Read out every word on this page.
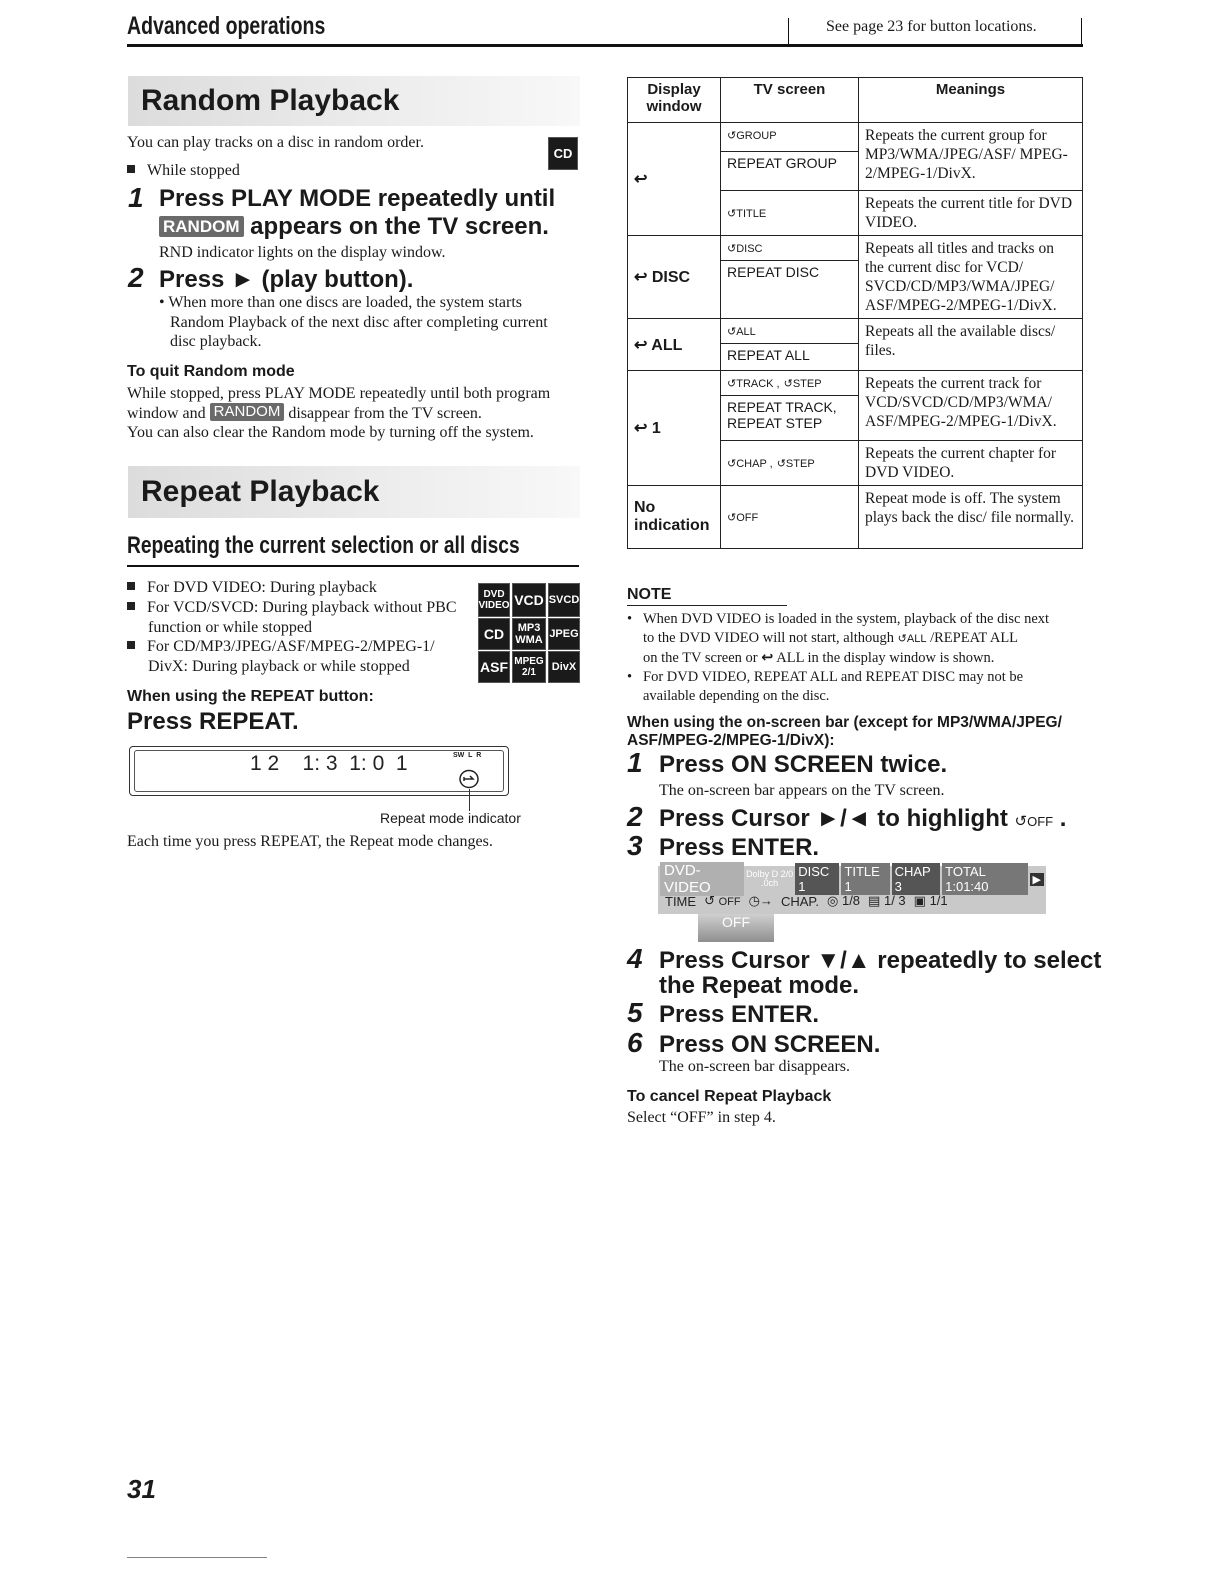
Advanced operations	See page 23 for button locations.
Random Playback
You can play tracks on a disc in random order.
CD
While stopped
1 Press PLAY MODE repeatedly until
RANDOM appears on the TV screen.
RND indicator lights on the display window.
2 Press ► (play button).
• When more than one discs are loaded, the system starts
Random Playback of the next disc after completing current
disc playback.
To quit Random mode
While stopped, press PLAY MODE repeatedly until both program
window and RANDOM disappear from the TV screen.
You can also clear the Random mode by turning off the system.
Repeat Playback
Repeating the current selection or all discs
For DVD VIDEO: During playback
For VCD/SVCD: During playback without PBC
function or while stopped
For CD/MP3/JPEG/ASF/MPEG-2/MPEG-1/
DivX: During playback or while stopped
DVD VIDEO VCD SVCD
CD	MP3 WMA JPEG
ASF MPEG 2/1	DivX
When using the REPEAT button:
Press REPEAT.
1 2    1: 3  1: 0  1	SW  L  R
Repeat mode indicator
Each time you press REPEAT, the Repeat mode changes.
Display window	TV screen	Meanings
↩	↺GROUP	Repeats the current group for MP3/WMA/JPEG/ASF/ MPEG-2/MPEG-1/DivX.
	REPEAT GROUP	
	↺TITLE	Repeats the current title for DVD VIDEO.
↩ DISC	↺DISC	Repeats all titles and tracks on the current disc for VCD/ SVCD/CD/MP3/WMA/JPEG/ ASF/MPEG-2/MPEG-1/DivX.
	REPEAT DISC	
↩ ALL	↺ALL	Repeats all the available discs/ files.
	REPEAT ALL	
↩ 1	↺TRACK , ↺STEP	Repeats the current track for VCD/SVCD/CD/MP3/WMA/ ASF/MPEG-2/MPEG-1/DivX.

	REPEAT TRACK,
REPEAT STEP	

	↺CHAP , ↺STEP	Repeats the current chapter for DVD VIDEO.
No indication	↺OFF	Repeat mode is off. The system plays back the disc/ file normally.
NOTE
• When DVD VIDEO is loaded in the system, playback of the disc next
to the DVD VIDEO will not start, although ↺ALL /REPEAT ALL
on the TV screen or ↩ ALL in the display window is shown.
• For DVD VIDEO, REPEAT ALL and REPEAT DISC may not be
available depending on the disc.
When using the on-screen bar (except for MP3/WMA/JPEG/
ASF/MPEG-2/MPEG-1/DivX):
1 Press ON SCREEN twice.
The on-screen bar appears on the TV screen.
2 Press Cursor ►/◄ to highlight ↺OFF .
3 Press ENTER.
DVD-VIDEO
Dolby D 2/0 .0ch
DISC 1
TITLE 1
CHAP 3
TOTAL 1:01:40	▶
TIME ↺ OFF ◷→ CHAP. ◎ 1/8 ▤ 1/ 3 ▣ 1/1
OFF
4 Press Cursor ▼/▲ repeatedly to select
the Repeat mode.
5 Press ENTER.
6 Press ON SCREEN.
The on-screen bar disappears.
To cancel Repeat Playback
Select “OFF” in step 4.
31
